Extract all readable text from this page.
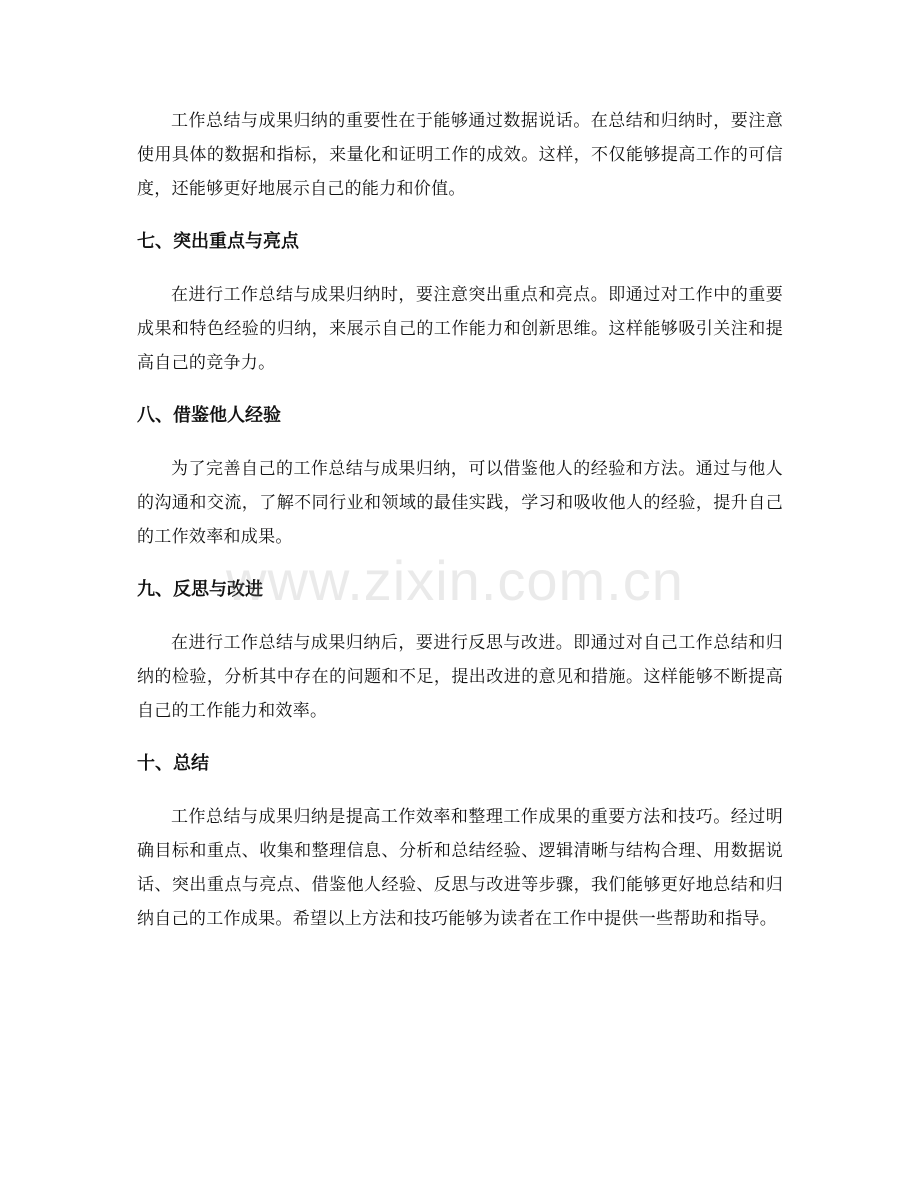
工作总结与成果归纳的重要性在于能够通过数据说话。在总结和归纳时，要注意使用具体的数据和指标，来量化和证明工作的成效。这样，不仅能够提高工作的可信度，还能够更好地展示自己的能力和价值。

七、突出重点与亮点

在进行工作总结与成果归纳时，要注意突出重点和亮点。即通过对工作中的重要成果和特色经验的归纳，来展示自己的工作能力和创新思维。这样能够吸引关注和提高自己的竞争力。

八、借鉴他人经验

为了完善自己的工作总结与成果归纳，可以借鉴他人的经验和方法。通过与他人的沟通和交流，了解不同行业和领域的最佳实践，学习和吸收他人的经验，提升自己的工作效率和成果。

九、反思与改进

在进行工作总结与成果归纳后，要进行反思与改进。即通过对自己工作总结和归纳的检验，分析其中存在的问题和不足，提出改进的意见和措施。这样能够不断提高自己的工作能力和效率。

十、总结

工作总结与成果归纳是提高工作效率和整理工作成果的重要方法和技巧。经过明确目标和重点、收集和整理信息、分析和总结经验、逻辑清晰与结构合理、用数据说话、突出重点与亮点、借鉴他人经验、反思与改进等步骤，我们能够更好地总结和归纳自己的工作成果。希望以上方法和技巧能够为读者在工作中提供一些帮助和指导。

www.zixin.com.cn
